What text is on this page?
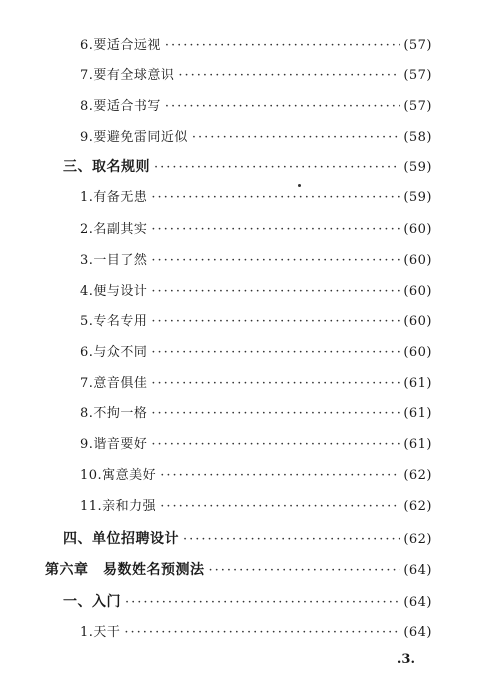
6.要适合远视 ·····	(57)
7.要有全球意识 ·····	(57)
8.要适合书写 ·····	(57)
9.要避免雷同近似 ·····	(58)
三、取名规则 ·····	(59)
1.有备无患 ·····	(59)
2.名副其实 ·····	(60)
3.一目了然 ·····	(60)
4.便与设计 ·····	(60)
5.专名专用 ·····	(60)
6.与众不同 ·····	(60)
7.意音俱佳 ·····	(61)
8.不拘一格 ·····	(61)
9.谐音要好 ·····	(61)
10.寓意美好 ·····	(62)
11.亲和力强 ·····	(62)
四、单位招聘设计 ·····	(62)
第六章　易数姓名预测法 ·····	(64)
一、入门 ·····	(64)
1.天干 ·····	(64)
.3.
